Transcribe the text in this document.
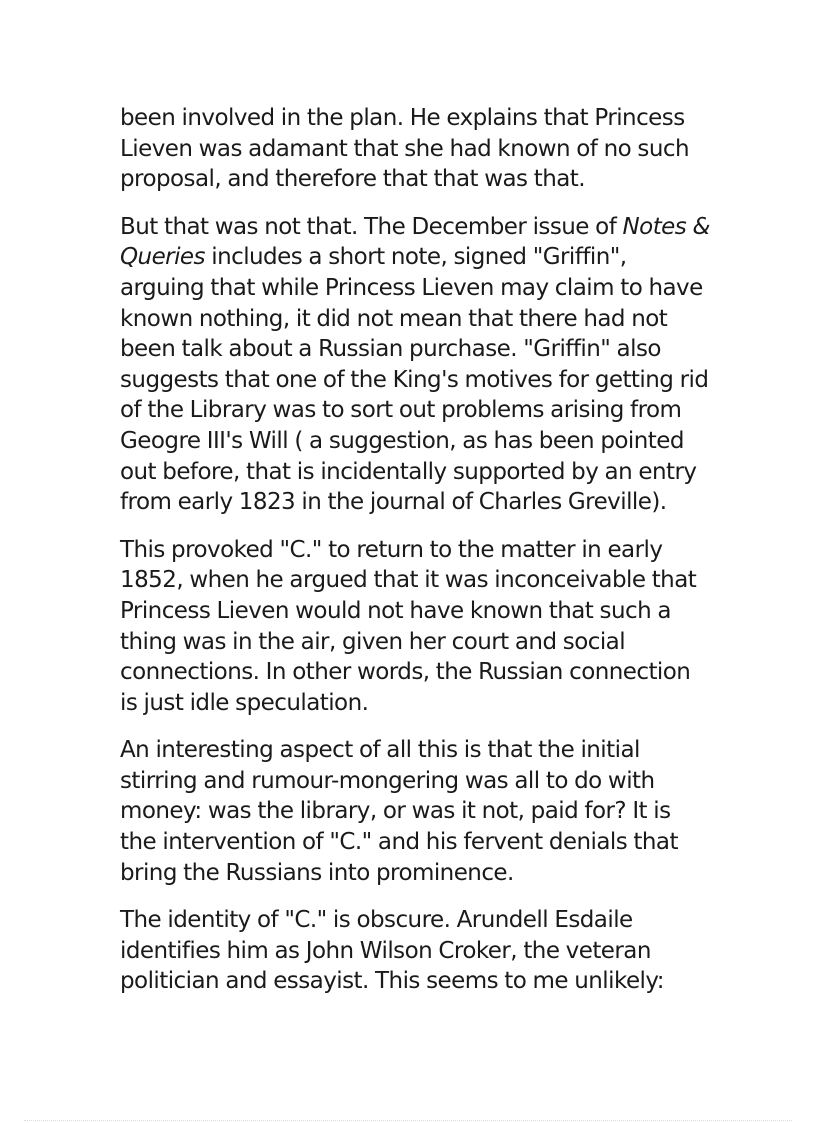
been involved in the plan. He explains that Princess Lieven was adamant that she had known of no such proposal, and therefore that that was that.

But that was not that. The December issue of Notes & Queries includes a short note, signed "Griffin", arguing that while Princess Lieven may claim to have known nothing, it did not mean that there had not been talk about a Russian purchase. "Griffin" also suggests that one of the King's motives for getting rid of the Library was to sort out problems arising from Geogre III's Will ( a suggestion, as has been pointed out before, that is incidentally supported by an entry from early 1823 in the journal of Charles Greville).

This provoked "C." to return to the matter in early 1852, when he argued that it was inconceivable that Princess Lieven would not have known that such a thing was in the air, given her court and social connections. In other words, the Russian connection is just idle speculation.

An interesting aspect of all this is that the initial stirring and rumour-mongering was all to do with money: was the library, or was it not, paid for? It is the intervention of "C." and his fervent denials that bring the Russians into prominence.

The identity of "C." is obscure. Arundell Esdaile identifies him as John Wilson Croker, the veteran politician and essayist. This seems to me unlikely:
